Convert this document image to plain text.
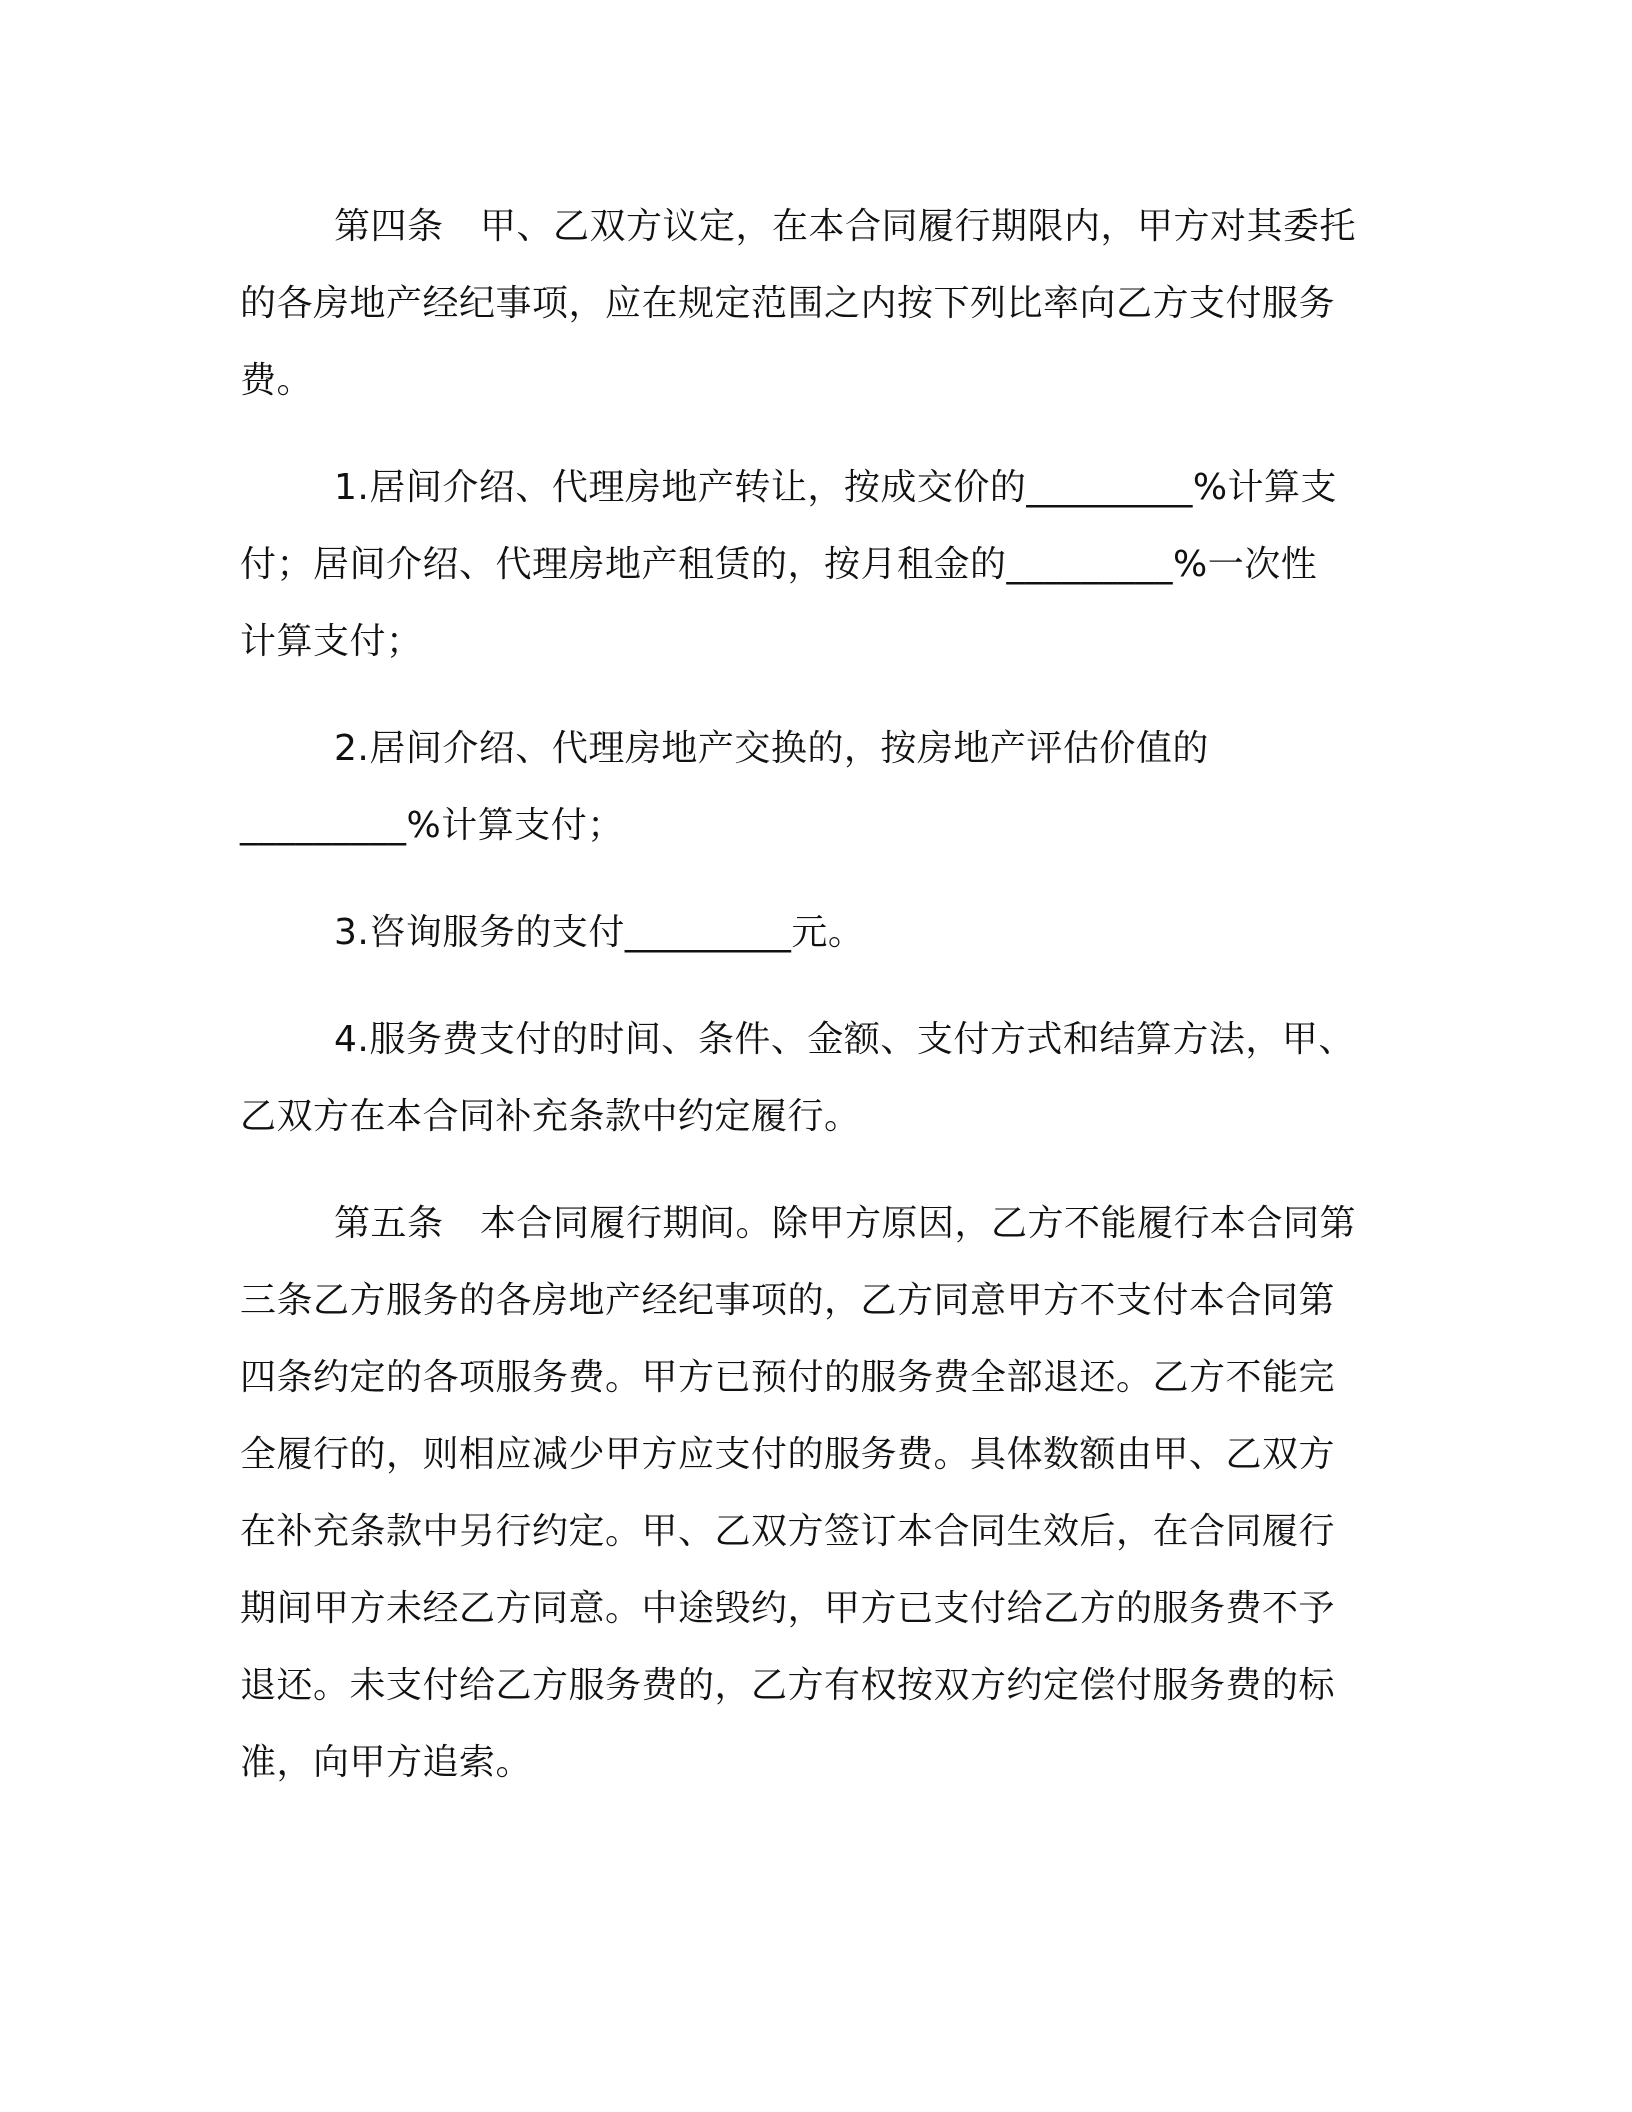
第四条　甲、乙双方议定，在本合同履行期限内，甲方对其委托
的各房地产经纪事项，应在规定范围之内按下列比率向乙方支付服务
费。
1.居间介绍、代理房地产转让，按成交价的_________%计算支
付；居间介绍、代理房地产租赁的，按月租金的_________%一次性
计算支付；
2.居间介绍、代理房地产交换的，按房地产评估价值的
_________%计算支付；
3.咨询服务的支付_________元。
4.服务费支付的时间、条件、金额、支付方式和结算方法，甲、
乙双方在本合同补充条款中约定履行。
第五条　本合同履行期间。除甲方原因，乙方不能履行本合同第
三条乙方服务的各房地产经纪事项的，乙方同意甲方不支付本合同第
四条约定的各项服务费。甲方已预付的服务费全部退还。乙方不能完
全履行的，则相应减少甲方应支付的服务费。具体数额由甲、乙双方
在补充条款中另行约定。甲、乙双方签订本合同生效后，在合同履行
期间甲方未经乙方同意。中途毁约，甲方已支付给乙方的服务费不予
退还。未支付给乙方服务费的，乙方有权按双方约定偿付服务费的标
准，向甲方追索。
